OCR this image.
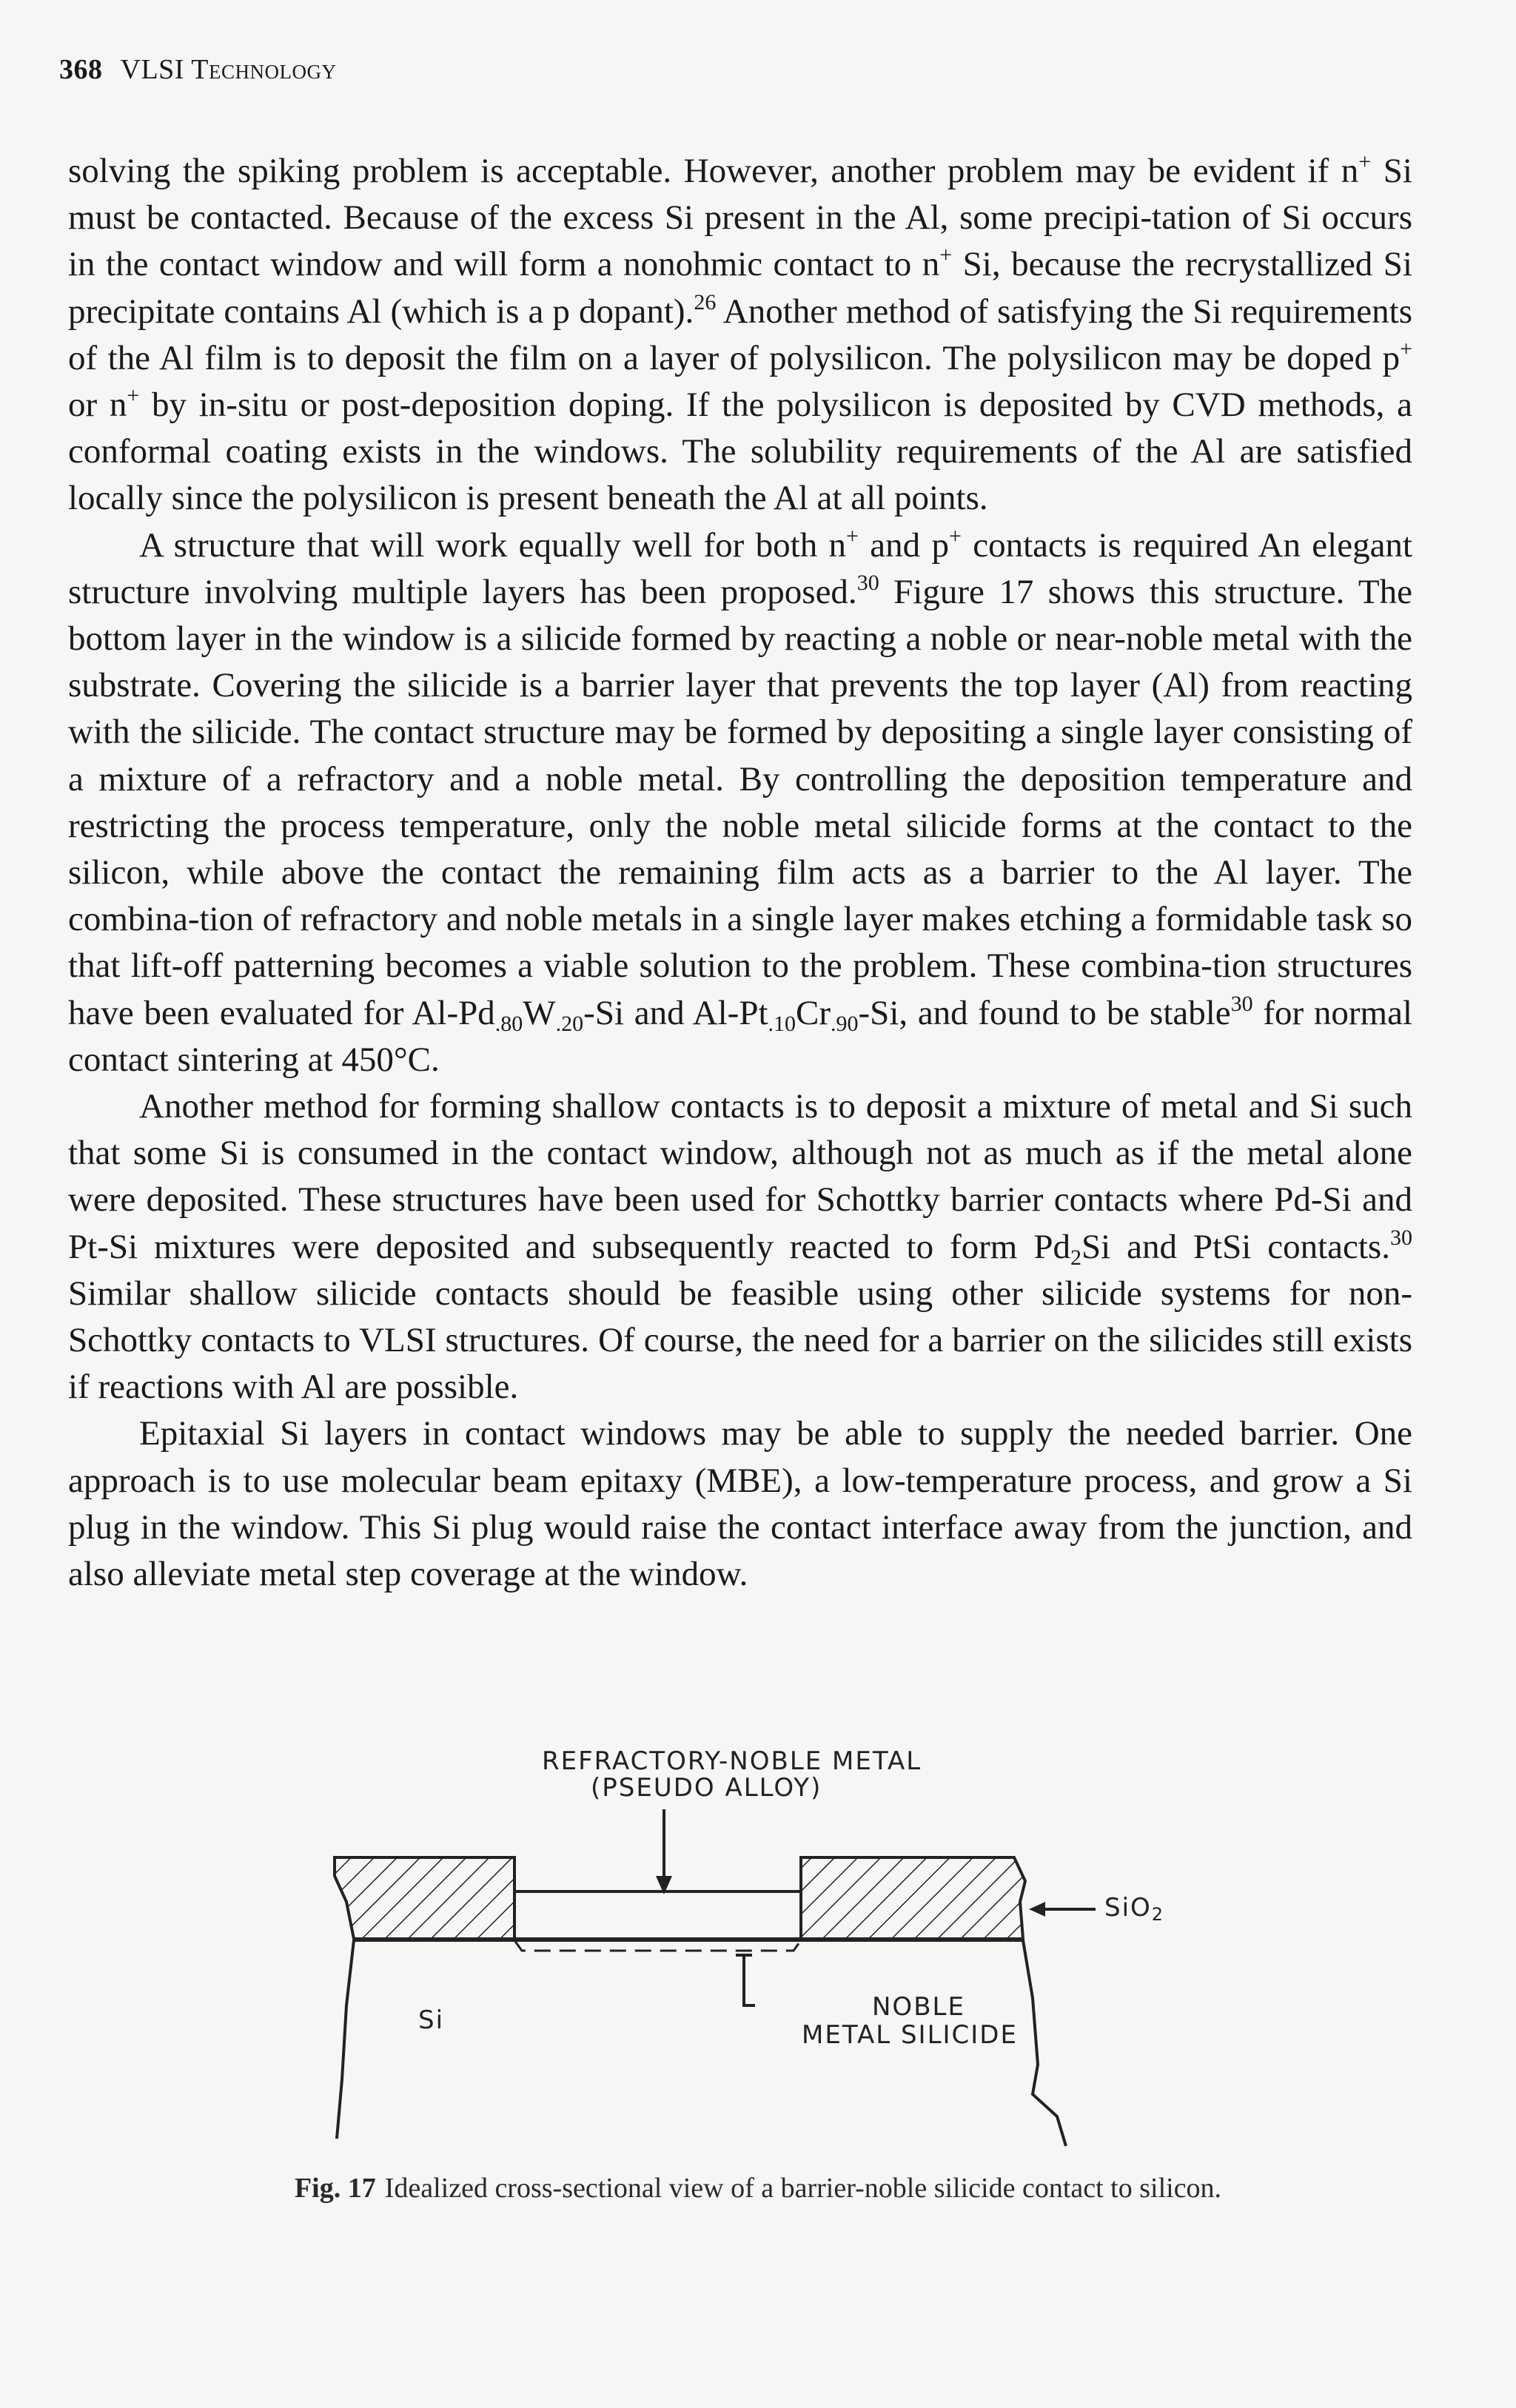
368 VLSI Technology

solving the spiking problem is acceptable. However, another problem may be evident if n+ Si must be contacted. Because of the excess Si present in the Al, some precipi-tation of Si occurs in the contact window and will form a nonohmic contact to n+ Si, because the recrystallized Si precipitate contains Al (which is a p dopant).$^{26}$ Another method of satisfying the Si requirements of the Al film is to deposit the film on a layer of polysilicon. The polysilicon may be doped p+ or n+ by in-situ or post-deposition doping. If the polysilicon is deposited by CVD methods, a conformal coating exists in the windows. The solubility requirements of the Al are satisfied locally since the polysilicon is present beneath the Al at all points.

A structure that will work equally well for both n+ and p+ contacts is required An elegant structure involving multiple layers has been proposed.$^{30}$ Figure 17 shows this structure. The bottom layer in the window is a silicide formed by reacting a noble or near-noble metal with the substrate. Covering the silicide is a barrier layer that prevents the top layer (Al) from reacting with the silicide. The contact structure may be formed by depositing a single layer consisting of a mixture of a refractory and a noble metal. By controlling the deposition temperature and restricting the process temperature, only the noble metal silicide forms at the contact to the silicon, while above the contact the remaining film acts as a barrier to the Al layer. The combina-tion of refractory and noble metals in a single layer makes etching a formidable task so that lift-off patterning becomes a viable solution to the problem. These combina-tion structures have been evaluated for $Al-Pd_{.80}W_{.20}-Si$ and $Al-Pt_{.10}Cr_{.90}-Si$, and found to be stable$^{30}$ for normal contact sintering at 450°C.

Another method for forming shallow contacts is to deposit a mixture of metal and Si such that some Si is consumed in the contact window, although not as much as if the metal alone were deposited. These structures have been used for Schottky barrier contacts where Pd-Si and Pt-Si mixtures were deposited and subsequently reacted to form $Pd_2Si$ and PtSi contacts.$^{30}$ Similar shallow silicide contacts should be feasible using other silicide systems for non-Schottky contacts to VLSI structures. Of course, the need for a barrier on the silicides still exists if reactions with Al are possible.

Epitaxial Si layers in contact windows may be able to supply the needed barrier. One approach is to use molecular beam epitaxy (MBE), a low-temperature process, and grow a Si plug in the window. This Si plug would raise the contact interface away from the junction, and also alleviate metal step coverage at the window.

REFRACTORY-NOBLE METAL
(PSEUDO ALLOY)
SiO$_2$
Si	NOBLE
METAL SILICIDE
Fig. 17 Idealized cross-sectional view of a barrier-noble silicide contact to silicon.
